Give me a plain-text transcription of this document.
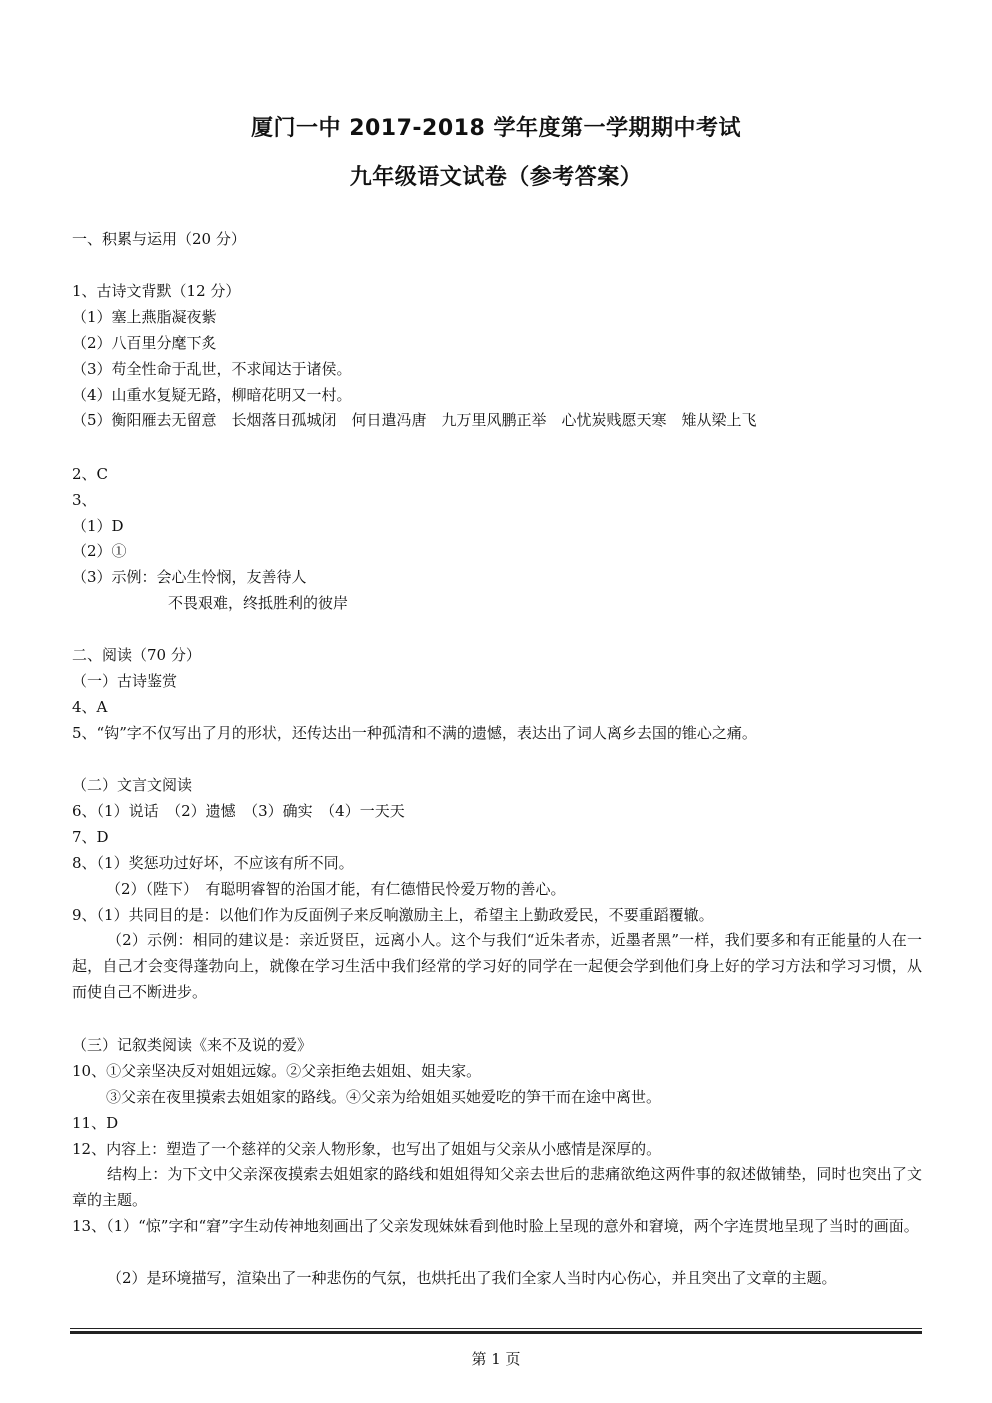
厦门一中 2017-2018 学年度第一学期期中考试
九年级语文试卷（参考答案）
一、积累与运用（20 分）
1、古诗文背默（12 分）
（1）塞上燕脂凝夜紫
（2）八百里分麾下炙
（3）苟全性命于乱世，不求闻达于诸侯。
（4）山重水复疑无路，柳暗花明又一村。
（5）衡阳雁去无留意　长烟落日孤城闭　何日遣冯唐　九万里风鹏正举　心忧炭贱愿天寒　雉从梁上飞
2、C
3、
（1）D
（2）①
（3）示例：会心生怜悯，友善待人
不畏艰难，终抵胜利的彼岸
二、阅读（70 分）
（一）古诗鉴赏
4、A
5、“钩”字不仅写出了月的形状，还传达出一种孤清和不满的遗憾，表达出了词人离乡去国的锥心之痛。
（二）文言文阅读
6、（1）说话　（2）遗憾　（3）确实　（4）一天天
7、D
8、（1）奖惩功过好坏，不应该有所不同。
（2）（陛下）　有聪明睿智的治国才能，有仁德惜民怜爱万物的善心。
9、（1）共同目的是：以他们作为反面例子来反响激励主上，希望主上勤政爱民，不要重蹈覆辙。
（2）示例：相同的建议是：亲近贤臣，远离小人。这个与我们“近朱者赤，近墨者黑”一样，我们要多和有正能量的人在一起，自己才会变得蓬勃向上，就像在学习生活中我们经常的学习好的同学在一起便会学到他们身上好的学习方法和学习习惯，从而使自己不断进步。
（三）记叙类阅读《来不及说的爱》
10、①父亲坚决反对姐姐远嫁。②父亲拒绝去姐姐、姐夫家。
③父亲在夜里摸索去姐姐家的路线。④父亲为给姐姐买她爱吃的笋干而在途中离世。
11、D
12、内容上：塑造了一个慈祥的父亲人物形象，也写出了姐姐与父亲从小感情是深厚的。
结构上：为下文中父亲深夜摸索去姐姐家的路线和姐姐得知父亲去世后的悲痛欲绝这两件事的叙述做铺垫，同时也突出了文章的主题。
13、（1）“惊”字和“窘”字生动传神地刻画出了父亲发现妹妹看到他时脸上呈现的意外和窘境，两个字连贯地呈现了当时的画面。
（2）是环境描写，渲染出了一种悲伤的气氛，也烘托出了我们全家人当时内心伤心，并且突出了文章的主题。
第 1 页
